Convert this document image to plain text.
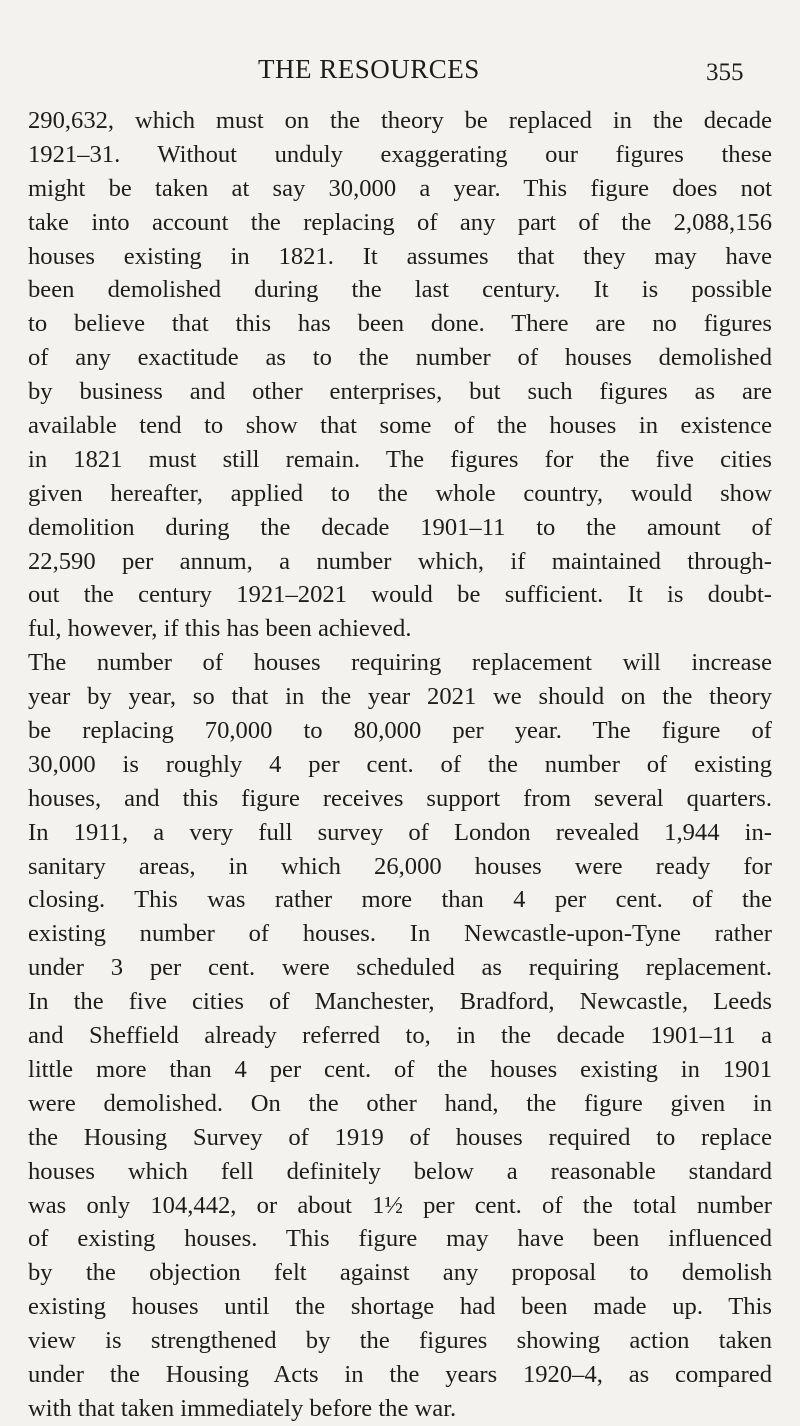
THE RESOURCES	355
290,632, which must on the theory be replaced in the decade
1921–31. Without unduly exaggerating our figures these
might be taken at say 30,000 a year. This figure does not
take into account the replacing of any part of the 2,088,156
houses existing in 1821. It assumes that they may have
been demolished during the last century. It is possible
to believe that this has been done. There are no figures
of any exactitude as to the number of houses demolished
by business and other enterprises, but such figures as are
available tend to show that some of the houses in existence
in 1821 must still remain. The figures for the five cities
given hereafter, applied to the whole country, would show
demolition during the decade 1901–11 to the amount of
22,590 per annum, a number which, if maintained through-
out the century 1921–2021 would be sufficient. It is doubt-
ful, however, if this has been achieved.
The number of houses requiring replacement will increase
year by year, so that in the year 2021 we should on the theory
be replacing 70,000 to 80,000 per year. The figure of
30,000 is roughly 4 per cent. of the number of existing
houses, and this figure receives support from several quarters.
In 1911, a very full survey of London revealed 1,944 in-
sanitary areas, in which 26,000 houses were ready for
closing. This was rather more than 4 per cent. of the
existing number of houses. In Newcastle-upon-Tyne rather
under 3 per cent. were scheduled as requiring replacement.
In the five cities of Manchester, Bradford, Newcastle, Leeds
and Sheffield already referred to, in the decade 1901–11 a
little more than 4 per cent. of the houses existing in 1901
were demolished. On the other hand, the figure given in
the Housing Survey of 1919 of houses required to replace
houses which fell definitely below a reasonable standard
was only 104,442, or about 1½ per cent. of the total number
of existing houses. This figure may have been influenced
by the objection felt against any proposal to demolish
existing houses until the shortage had been made up. This
view is strengthened by the figures showing action taken
under the Housing Acts in the years 1920–4, as compared
with that taken immediately before the war.
